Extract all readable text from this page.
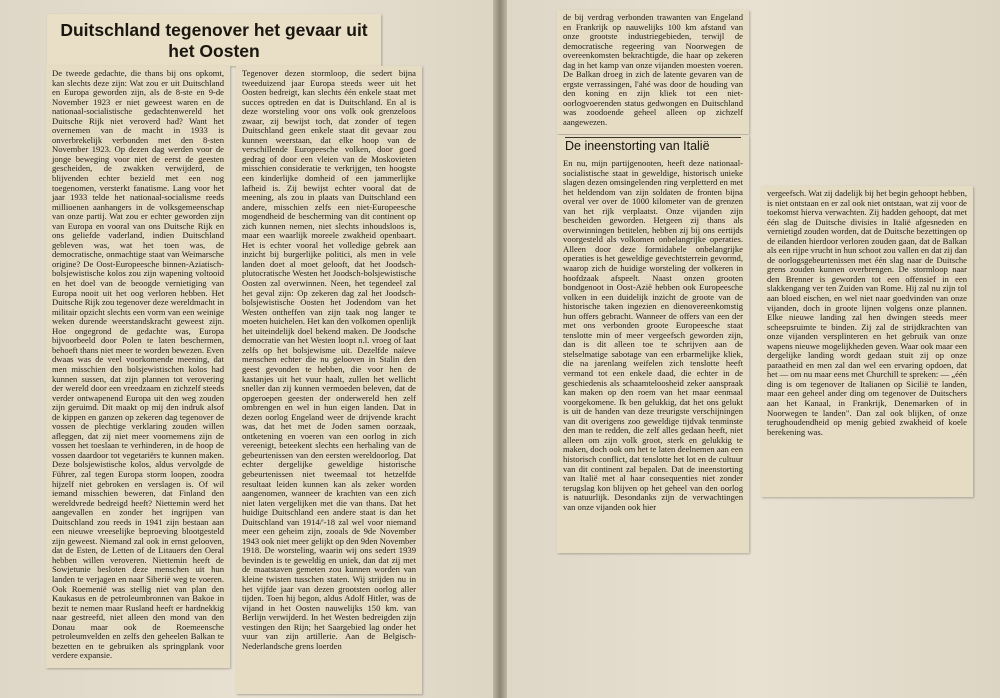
Duitschland tegenover het gevaar uit het Oosten
De tweede gedachte, die thans bij ons opkomt, kan slechts deze zijn: Wat zou er uit Duitschland en Europa geworden zijn, als de 8-ste en 9-de November 1923 er niet geweest waren en de nationaal-socialistische gedachtenwereld het Duitsche Rijk niet veroverd had? Want het overnemen van de macht in 1933 is onverbrekelijk verbonden met den 8-sten November 1923. Op dezen dag werden voor de jonge beweging voor niet de eerst de geesten gescheiden, de zwakken verwijderd, de blijvenden echter bezield met een nog toegenomen, versterkt fanatisme. Lang voor het jaar 1933 telde het nationaal-socialisme reeds millioenen aanhangers in de volksgemeenschap van onze partij. Wat zou er echter geworden zijn van Europa en vooral van ons Duitsche Rijk en ons geliefde vaderland, indien Duitschland gebleven was, wat het toen was, de democratische, onmachtige staat van Weimarsche origine? De Oost-Europeesche binnen-Aziatisch-bolsjewistische kolos zou zijn wapening voltooid en het doel van de beoogde vernietiging van Europa nooit uit het oog verloren hebben. Het Duitsche Rijk zou tegenover deze wereldmacht in militair opzicht slechts een vorm van een weinige weken durende weerstandskracht geweest zijn. Hoe ongegrond de gedachte was, Europa bijvoorbeeld door Polen te laten beschermen, behoeft thans niet meer te worden bewezen. Even dwaas was de veel voorkomende meening, dat men misschien den bolsjewistischen kolos had kunnen sussen, dat zijn plannen tot verovering der wereld door een vreedzaam en zichzelf steeds verder ontwapenend Europa uit den weg zouden zijn geruimd. Dit maakt op mij den indruk alsof de kippen en ganzen op zekeren dag tegenover de vossen de plechtige verklaring zouden willen afleggen, dat zij niet meer voornemens zijn de vossen het toeslaan te verhinderen, in de hoop de vossen daardoor tot vegetariërs te kunnen maken. Deze bolsjewistische kolos, aldus vervolgde de Führer, zal tegen Europa storm loopen, zoodra hijzelf niet gebroken en verslagen is. Of wil iemand misschien beweren, dat Finland den wereldvrede bedreigd heeft? Niettemin werd het aangevallen en zonder het ingrijpen van Duitschland zou reeds in 1941 zijn bestaan aan een nieuwe vreeselijke beproeving blootgesteld zijn geweest. Niemand zal ook in ernst gelooven, dat de Esten, de Letten of de Litauers den Oeral hebben willen veroveren. Niettemin heeft de Sowjetunie besloten deze menschen uit hun landen te verjagen en naar Siberië weg te voeren. Ook Roemenië was stellig niet van plan den Kaukasus en de petroleumbronnen van Bakoe in bezit te nemen maar Rusland heeft er hardnekkig naar gestreefd, niet alleen den mond van den Donau maar ook de Roemeensche petroleumvelden en zelfs den geheelen Balkan te bezetten en te gebruiken als springplank voor verdere expansie.
Tegenover dezen stormloop, die sedert bijna tweeduizend jaar Europa steeds weer uit het Oosten bedreigt, kan slechts één enkele staat met succes optreden en dat is Duitschland. En al is deze worsteling voor ons volk ook grenzeloos zwaar, zij bewijst toch, dat zonder of tegen Duitschland geen enkele staat dit gevaar zou kunnen weerstaan, dat elke hoop van de verschillende Europeesche volken, door goed gedrag of door een vleien van de Moskovieten misschien consideratie te verkrijgen, ten hoogste een kinderlijke domheid of een jammerlijke lafheid is. Zij bewijst echter vooral dat de meening, als zou in plaats van Duitschland een andere, misschien zelfs een niet-Europeesche mogendheid de bescherming van dit continent op zich kunnen nemen, niet slechts inhoudsloos is, maar een waarlijk moreele zwakheid openbaart. Het is echter vooral het volledige gebrek aan inzicht bij burgerlijke politici, als men in vele landen doet al moet gelooft, dat het Joodsch-plutocratische Westen het Joodsch-bolsjewistische Oosten zal overwinnen. Neen, het tegendeel zal het geval zijn: Op zekeren dag zal het Joodsch-bolsjewistische Oosten het Jodendom van het Westen ontheffen van zijn taak nog langer te moeten huichelen. Het kan den volkomen openlijk het uiteindelijk doel bekend maken. De Joodsche democratie van het Westen loopt n.l. vroeg of laat zelfs op het bolsjewisme uit. Dezelfde naïeve menschen echter die nu gelooven in Stalin den geest gevonden te hebben, die voor hen de kastanjes uit het vuur haalt, zullen het wellicht sneller dan zij kunnen vermoeden beleven, dat de opgeroepen geesten der onderwereld hen zelf ombrengen en wel in hun eigen landen. Dat in dezen oorlog Engeland weer de drijvende kracht was, dat het met de Joden samen oorzaak, ontketening en voeren van een oorlog in zich vereenigt, beteekent slechts een herhaling van de gebeurtenissen van den eersten wereldoorlog. Dat echter dergelijke geweldige historische gebeurtenissen niet tweemaal tot hetzelfde resultaat leiden kunnen kan als zeker worden aangenomen, wanneer de krachten van een zich niet laten vergelijken met die van thans. Dat het huidige Duitschland een andere staat is dan het Duitschland van 1914/'-18 zal wel voor niemand meer een geheim zijn, zooals de 9de November 1943 ook niet meer gelijkt op den 9den November 1918. De worsteling, waarin wij ons sedert 1939 bevinden is te geweldig en uniek, dan dat zij met de maatstaven gemeten zou kunnen worden van kleine twisten tusschen staten. Wij strijden nu in het vijfde jaar van dezen grootsten oorlog aller tijden. Toen hij begon, aldus Adolf Hitler, was de vijand in het Oosten nauwelijks 150 km. van Berlijn verwijderd. In het Westen bedreigden zijn vestingen den Rijn; het Saargebied lag onder het vuur van zijn artillerie. Aan de Belgisch-Nederlandsche grens loerden
de bij verdrag verbonden trawanten van Engeland en Frankrijk op nauwelijks 100 km afstand van onze grootste industriegebieden, terwijl de democratische regeering van Noorwegen de overeenkomsten bekrachtigde, die haar op zekeren dag in het kamp van onze vijanden moesten voeren. De Balkan droeg in zich de latente gevaren van de ergste verrassingen, l'ahé was door de houding van den koning en zijn kliek tot een niet-oorlogvoerenden status gedwongen en Duitschland was zoodoende geheel alleen op zichzelf aangewezen.
De ineenstorting van Italië
En nu, mijn partijgenooten, heeft deze nationaal-socialistische staat in geweldige, historisch unieke slagen dezen omsingelenden ring verpletterd en met het heldendom van zijn soldaten de fronten bijna overal ver over de 1000 kilometer van de grenzen van het rijk verplaatst. Onze vijanden zijn bescheiden geworden. Hetgeen zij thans als overwinningen betitelen, hebben zij bij ons eertijds voorgesteld als volkomen onbelangrijke operaties. Alleen door deze formidabele onbelangrijke operaties is het geweldige gevechtsterrein gevormd, waarop zich de huidige worsteling der volkeren in hoofdzaak afspeelt. Naast onzen grooten bondgenoot in Oost-Azië hebben ook Europeesche volken in een duidelijk inzicht de groote van de historische taken ingezien en dienovereenkomstig hun offers gebracht. Wanneer de offers van een der met ons verbonden groote Europeesche staat tenslotte min of meer vergeefsch geworden zijn, dan is dit alleen toe te schrijven aan de stelselmatige sabotage van een erbarmelijke kliek, die na jarenlang weifelen zich tenslotte heeft vermand tot een enkele daad, die echter in de geschiedenis als schaamteloosheid zeker aanspraak kan maken op den roem van het maar eenmaal voorgekomene. Ik ben gelukkig, dat het ons gelukt is uit de handen van deze treurigste verschijningen van dit overigens zoo geweldige tijdvak tenminste den man te redden, die zelf alles gedaan heeft, niet alleen om zijn volk groot, sterk en gelukkig te maken, doch ook om het te laten deelnemen aan een historisch conflict, dat tenslotte het lot en de cultuur van dit continent zal bepalen. Dat de ineenstorting van Italië met al haar consequenties niet zonder terugslag kon blijven op het geheel van den oorlog is natuurlijk. Desondanks zijn de verwachtingen van onze vijanden ook hier
vergeefsch. Wat zij dadelijk bij het begin gehoopt hebben, is niet ontstaan en er zal ook niet ontstaan, wat zij voor de toekomst hierva verwachten. Zij hadden gehoopt, dat met één slag de Duitsche divisies in Italië afgesneden en vernietigd zouden worden, dat de Duitsche bezettingen op de eilanden hierdoor verloren zouden gaan, dat de Balkan als een rijpe vrucht in hun schoot zou vallen en dat zij dan de oorlogsgebeurtenissen met één slag naar de Duitsche grens zouden kunnen overbrengen. De stormloop naar den Brenner is geworden tot een offensief in een slakkengang ver ten Zuiden van Rome. Hij zal nu zijn tol aan bloed eischen, en wel niet naar goedvinden van onze vijanden, doch in groote lijnen volgens onze plannen. Elke nieuwe landing zal hen dwingen steeds meer scheepsruimte te binden. Zij zal de strijdkrachten van onze vijanden versplinteren en het gebruik van onze wapens nieuwe mogelijkheden geven. Waar ook maar een dergelijke landing wordt gedaan stuit zij op onze paraatheid en men zal dan wel een ervaring opdoen, dat het — om nu maar eens met Churchill te spreken: — „één ding is om tegenover de Italianen op Sicilië te landen, maar een geheel ander ding om tegenover de Duitschers aan het Kanaal, in Frankrijk, Denemarken of in Noorwegen te landen". Dan zal ook blijken, of onze terughoudendheid op menig gebied zwakheid of koele berekening was.
